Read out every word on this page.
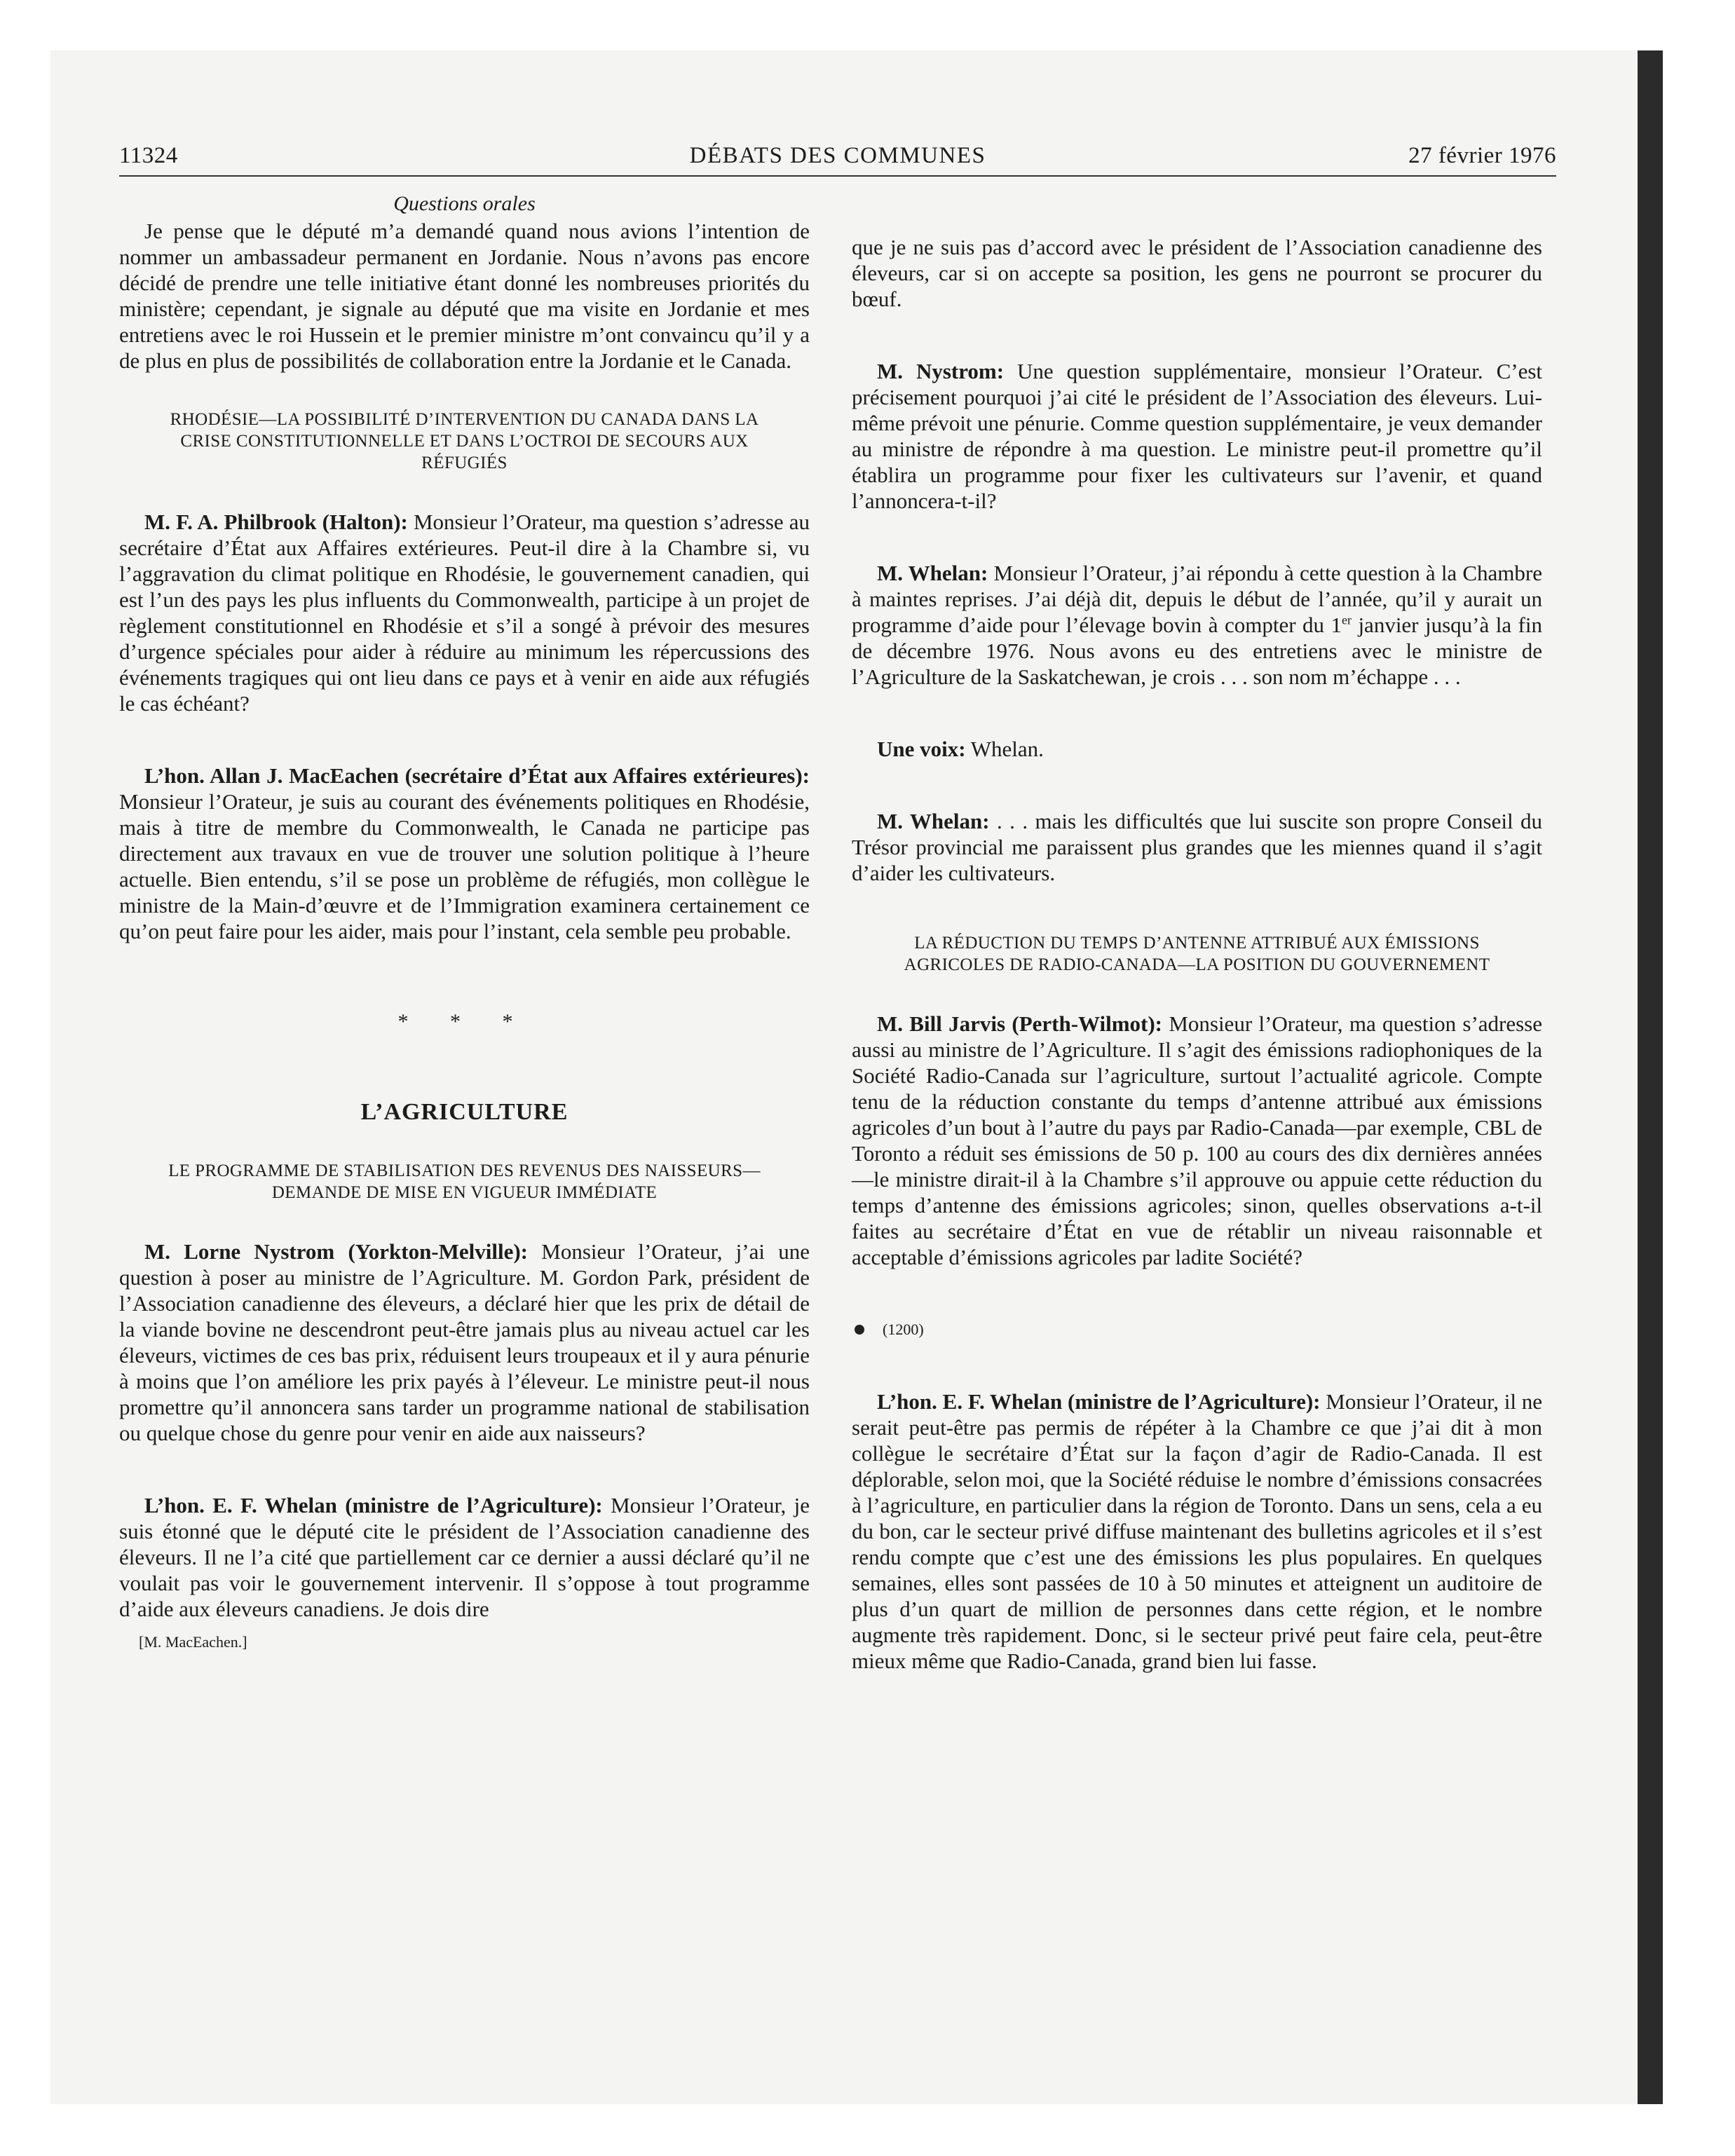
11324	DÉBATS DES COMMUNES	27 février 1976
Questions orales

Je pense que le député m’a demandé quand nous avions l’intention de nommer un ambassadeur permanent en Jordanie. Nous n’avons pas encore décidé de prendre une telle initiative étant donné les nombreuses priorités du ministère; cependant, je signale au député que ma visite en Jordanie et mes entretiens avec le roi Hussein et le premier ministre m’ont convaincu qu’il y a de plus en plus de possibilités de collaboration entre la Jordanie et le Canada.

RHODÉSIE—LA POSSIBILITÉ D’INTERVENTION DU CANADA DANS LA CRISE CONSTITUTIONNELLE ET DANS L’OCTROI DE SECOURS AUX RÉFUGIÉS

M. F. A. Philbrook (Halton): Monsieur l’Orateur, ma question s’adresse au secrétaire d’État aux Affaires extérieures. Peut-il dire à la Chambre si, vu l’aggravation du climat politique en Rhodésie, le gouvernement canadien, qui est l’un des pays les plus influents du Commonwealth, participe à un projet de règlement constitutionnel en Rhodésie et s’il a songé à prévoir des mesures d’urgence spéciales pour aider à réduire au minimum les répercussions des événements tragiques qui ont lieu dans ce pays et à venir en aide aux réfugiés le cas échéant?

L’hon. Allan J. MacEachen (secrétaire d’État aux Affaires extérieures): Monsieur l’Orateur, je suis au courant des événements politiques en Rhodésie, mais à titre de membre du Commonwealth, le Canada ne participe pas directement aux travaux en vue de trouver une solution politique à l’heure actuelle. Bien entendu, s’il se pose un problème de réfugiés, mon collègue le ministre de la Main-d’œuvre et de l’Immigration examinera certainement ce qu’on peut faire pour les aider, mais pour l’instant, cela semble peu probable.

* * *
L’AGRICULTURE
LE PROGRAMME DE STABILISATION DES REVENUS DES NAISSEURS—DEMANDE DE MISE EN VIGUEUR IMMÉDIATE

M. Lorne Nystrom (Yorkton-Melville): Monsieur l’Orateur, j’ai une question à poser au ministre de l’Agriculture. M. Gordon Park, président de l’Association canadienne des éleveurs, a déclaré hier que les prix de détail de la viande bovine ne descendront peut-être jamais plus au niveau actuel car les éleveurs, victimes de ces bas prix, réduisent leurs troupeaux et il y aura pénurie à moins que l’on améliore les prix payés à l’éleveur. Le ministre peut-il nous promettre qu’il annoncera sans tarder un programme national de stabilisation ou quelque chose du genre pour venir en aide aux naisseurs?

L’hon. E. F. Whelan (ministre de l’Agriculture): Monsieur l’Orateur, je suis étonné que le député cite le président de l’Association canadienne des éleveurs. Il ne l’a cité que partiellement car ce dernier a aussi déclaré qu’il ne voulait pas voir le gouvernement intervenir. Il s’oppose à tout programme d’aide aux éleveurs canadiens. Je dois dire

[M. MacEachen.]

que je ne suis pas d’accord avec le président de l’Association canadienne des éleveurs, car si on accepte sa position, les gens ne pourront se procurer du bœuf.

M. Nystrom: Une question supplémentaire, monsieur l’Orateur. C’est précisement pourquoi j’ai cité le président de l’Association des éleveurs. Lui-même prévoit une pénurie. Comme question supplémentaire, je veux demander au ministre de répondre à ma question. Le ministre peut-il promettre qu’il établira un programme pour fixer les cultivateurs sur l’avenir, et quand l’annoncera-t-il?

M. Whelan: Monsieur l’Orateur, j’ai répondu à cette question à la Chambre à maintes reprises. J’ai déjà dit, depuis le début de l’année, qu’il y aurait un programme d’aide pour l’élevage bovin à compter du 1er janvier jusqu’à la fin de décembre 1976. Nous avons eu des entretiens avec le ministre de l’Agriculture de la Saskatchewan, je crois . . . son nom m’échappe . . .

Une voix: Whelan.

M. Whelan: . . . mais les difficultés que lui suscite son propre Conseil du Trésor provincial me paraissent plus grandes que les miennes quand il s’agit d’aider les cultivateurs.

LA RÉDUCTION DU TEMPS D’ANTENNE ATTRIBUÉ AUX ÉMISSIONS AGRICOLES DE RADIO-CANADA—LA POSITION DU GOUVERNEMENT

M. Bill Jarvis (Perth-Wilmot): Monsieur l’Orateur, ma question s’adresse aussi au ministre de l’Agriculture. Il s’agit des émissions radiophoniques de la Société Radio-Canada sur l’agriculture, surtout l’actualité agricole. Compte tenu de la réduction constante du temps d’antenne attribué aux émissions agricoles d’un bout à l’autre du pays par Radio-Canada—par exemple, CBL de Toronto a réduit ses émissions de 50 p. 100 au cours des dix dernières années—le ministre dirait-il à la Chambre s’il approuve ou appuie cette réduction du temps d’antenne des émissions agricoles; sinon, quelles observations a-t-il faites au secrétaire d’État en vue de rétablir un niveau raisonnable et acceptable d’émissions agricoles par ladite Société?

(1200)

L’hon. E. F. Whelan (ministre de l’Agriculture): Monsieur l’Orateur, il ne serait peut-être pas permis de répéter à la Chambre ce que j’ai dit à mon collègue le secrétaire d’État sur la façon d’agir de Radio-Canada. Il est déplorable, selon moi, que la Société réduise le nombre d’émissions consacrées à l’agriculture, en particulier dans la région de Toronto. Dans un sens, cela a eu du bon, car le secteur privé diffuse maintenant des bulletins agricoles et il s’est rendu compte que c’est une des émissions les plus populaires. En quelques semaines, elles sont passées de 10 à 50 minutes et atteignent un auditoire de plus d’un quart de million de personnes dans cette région, et le nombre augmente très rapidement. Donc, si le secteur privé peut faire cela, peut-être mieux même que Radio-Canada, grand bien lui fasse.
